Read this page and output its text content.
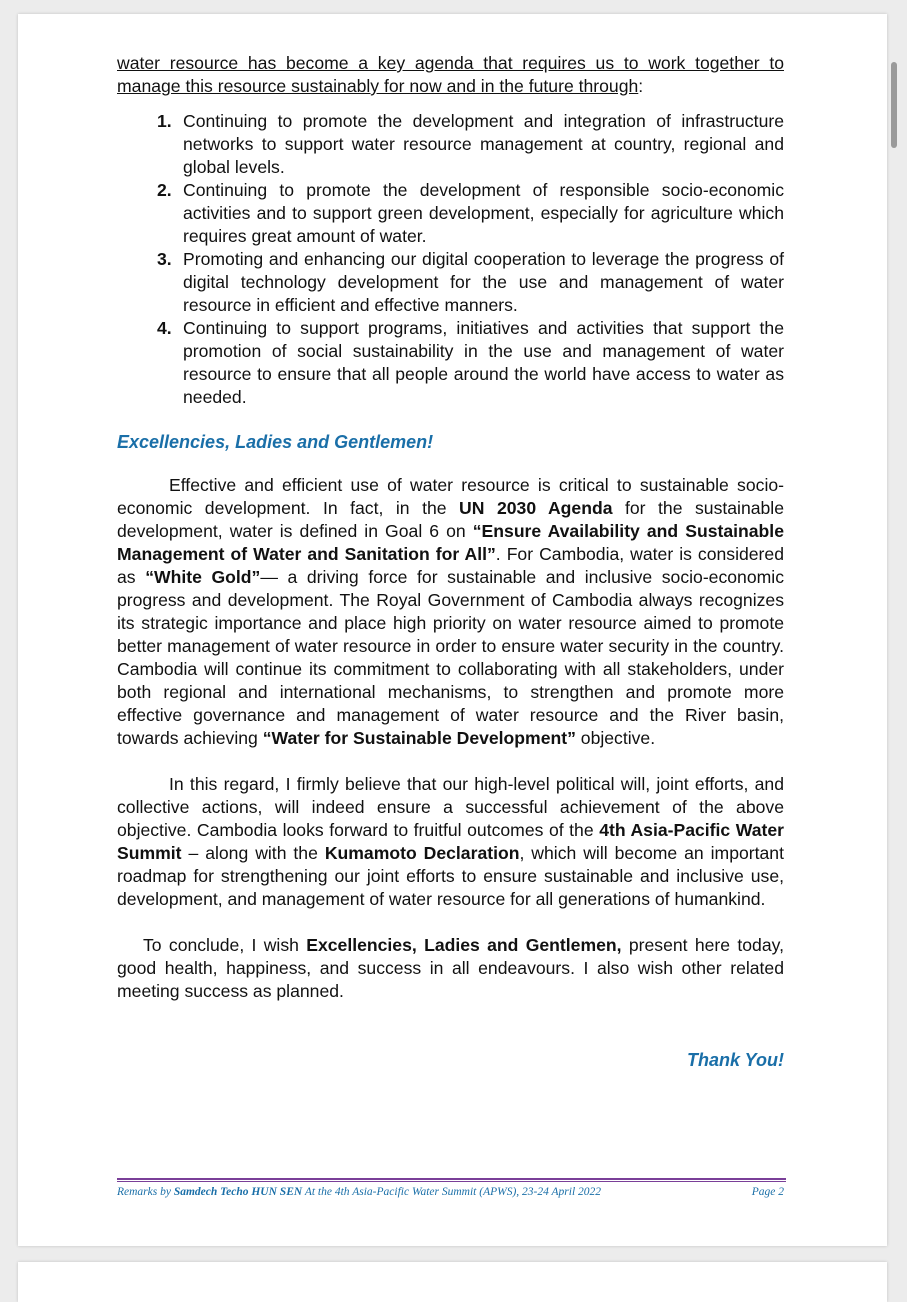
water resource has become a key agenda that requires us to work together to manage this resource sustainably for now and in the future through:

1. Continuing to promote the development and integration of infrastructure networks to support water resource management at country, regional and global levels.
2. Continuing to promote the development of responsible socio-economic activities and to support green development, especially for agriculture which requires great amount of water.
3. Promoting and enhancing our digital cooperation to leverage the progress of digital technology development for the use and management of water resource in efficient and effective manners.
4. Continuing to support programs, initiatives and activities that support the promotion of social sustainability in the use and management of water resource to ensure that all people around the world have access to water as needed.

Excellencies, Ladies and Gentlemen!

Effective and efficient use of water resource is critical to sustainable socio-economic development. In fact, in the UN 2030 Agenda for the sustainable development, water is defined in Goal 6 on “Ensure Availability and Sustainable Management of Water and Sanitation for All”. For Cambodia, water is considered as “White Gold”— a driving force for sustainable and inclusive socio-economic progress and development. The Royal Government of Cambodia always recognizes its strategic importance and place high priority on water resource aimed to promote better management of water resource in order to ensure water security in the country. Cambodia will continue its commitment to collaborating with all stakeholders, under both regional and international mechanisms, to strengthen and promote more effective governance and management of water resource and the River basin, towards achieving “Water for Sustainable Development” objective.

In this regard, I firmly believe that our high-level political will, joint efforts, and collective actions, will indeed ensure a successful achievement of the above objective. Cambodia looks forward to fruitful outcomes of the 4th Asia-Pacific Water Summit – along with the Kumamoto Declaration, which will become an important roadmap for strengthening our joint efforts to ensure sustainable and inclusive use, development, and management of water resource for all generations of humankind.

To conclude, I wish Excellencies, Ladies and Gentlemen, present here today, good health, happiness, and success in all endeavours. I also wish other related meeting success as planned.

Thank You!

Remarks by Samdech Techo HUN SEN At the 4th Asia-Pacific Water Summit (APWS), 23-24 April 2022	Page 2
